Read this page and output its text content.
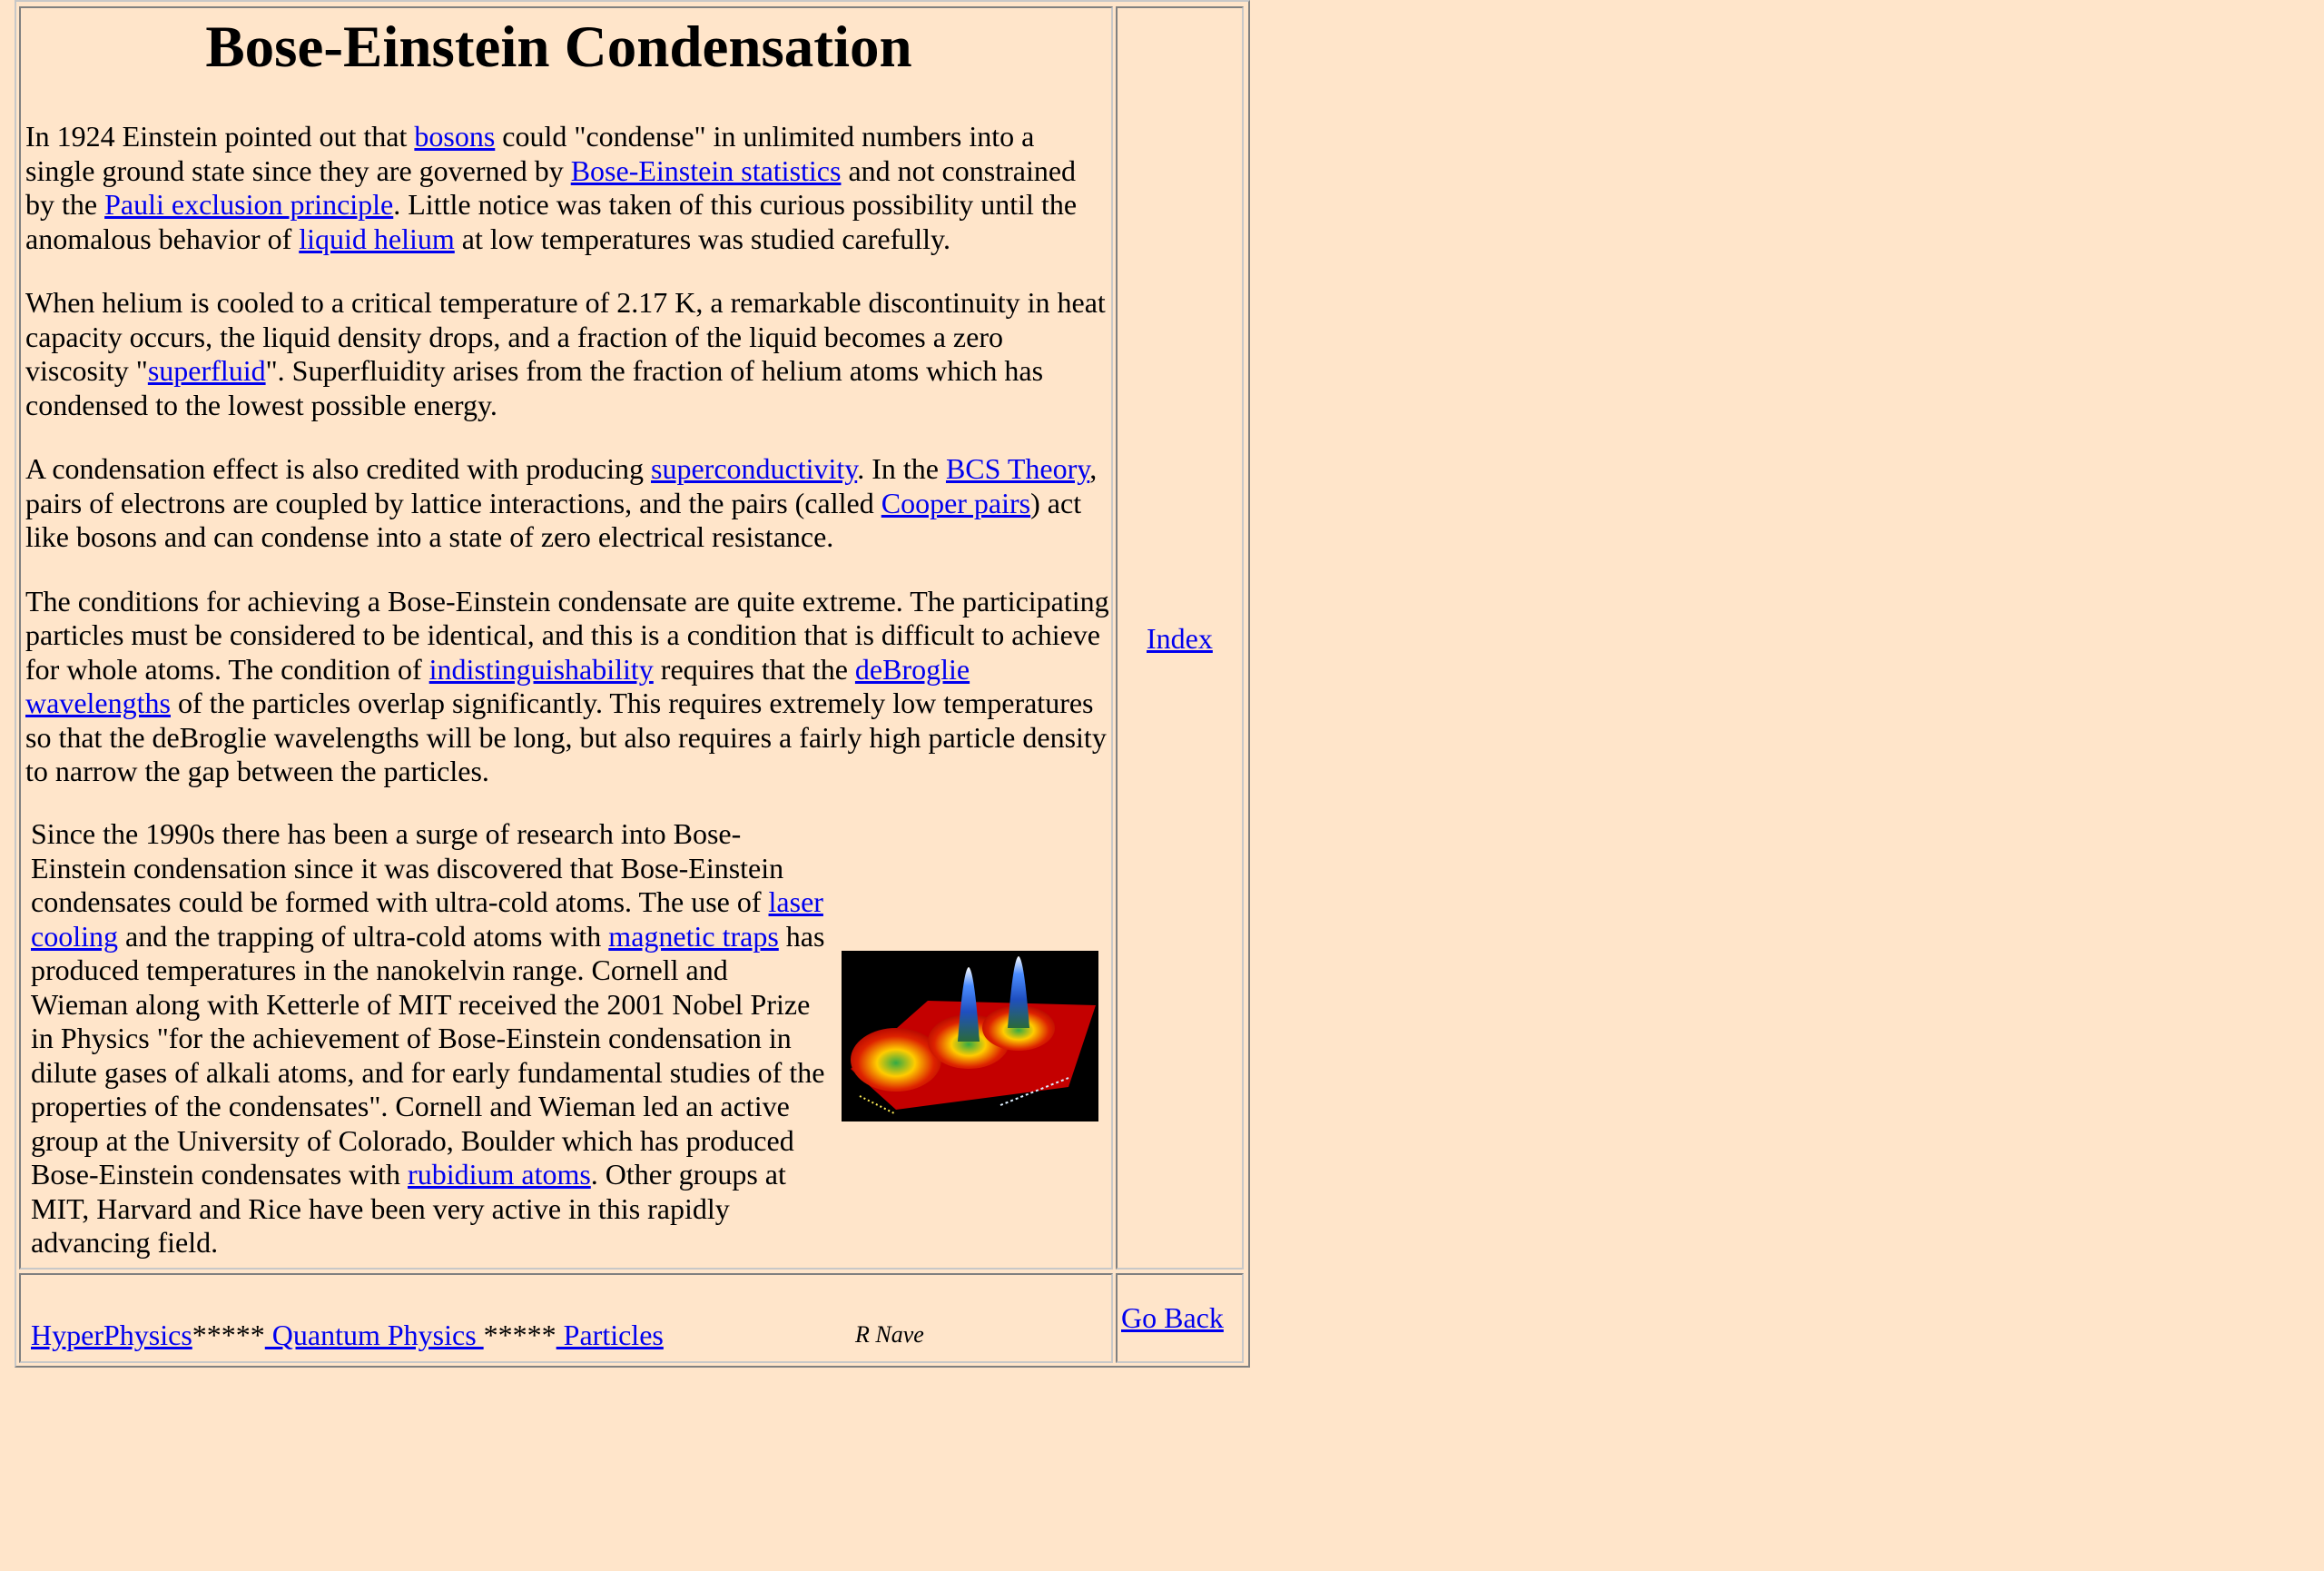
Bose-Einstein Condensation

In 1924 Einstein pointed out that bosons could "condense" in unlimited numbers into a single ground state since they are governed by Bose-Einstein statistics and not constrained by the Pauli exclusion principle. Little notice was taken of this curious possibility until the anomalous behavior of liquid helium at low temperatures was studied carefully.

When helium is cooled to a critical temperature of 2.17 K, a remarkable discontinuity in heat capacity occurs, the liquid density drops, and a fraction of the liquid becomes a zero viscosity "superfluid". Superfluidity arises from the fraction of helium atoms which has condensed to the lowest possible energy.

A condensation effect is also credited with producing superconductivity. In the BCS Theory, pairs of electrons are coupled by lattice interactions, and the pairs (called Cooper pairs) act like bosons and can condense into a state of zero electrical resistance.

The conditions for achieving a Bose-Einstein condensate are quite extreme. The participating particles must be considered to be identical, and this is a condition that is difficult to achieve for whole atoms. The condition of indistinguishability requires that the deBroglie wavelengths of the particles overlap significantly. This requires extremely low temperatures so that the deBroglie wavelengths will be long, but also requires a fairly high particle density to narrow the gap between the particles.

Since the 1990s there has been a surge of research into Bose-Einstein condensation since it was discovered that Bose-Einstein condensates could be formed with ultra-cold atoms. The use of laser cooling and the trapping of ultra-cold atoms with magnetic traps has produced temperatures in the nanokelvin range. Cornell and Wieman along with Ketterle of MIT received the 2001 Nobel Prize in Physics "for the achievement of Bose-Einstein condensation in dilute gases of alkali atoms, and for early fundamental studies of the properties of the condensates". Cornell and Wieman led an active group at the University of Colorado, Boulder which has produced Bose-Einstein condensates with rubidium atoms. Other groups at MIT, Harvard and Rice have been very active in this rapidly advancing field.
Index
HyperPhysics***** Quantum Physics ***** Particles	R Nave
Go Back
